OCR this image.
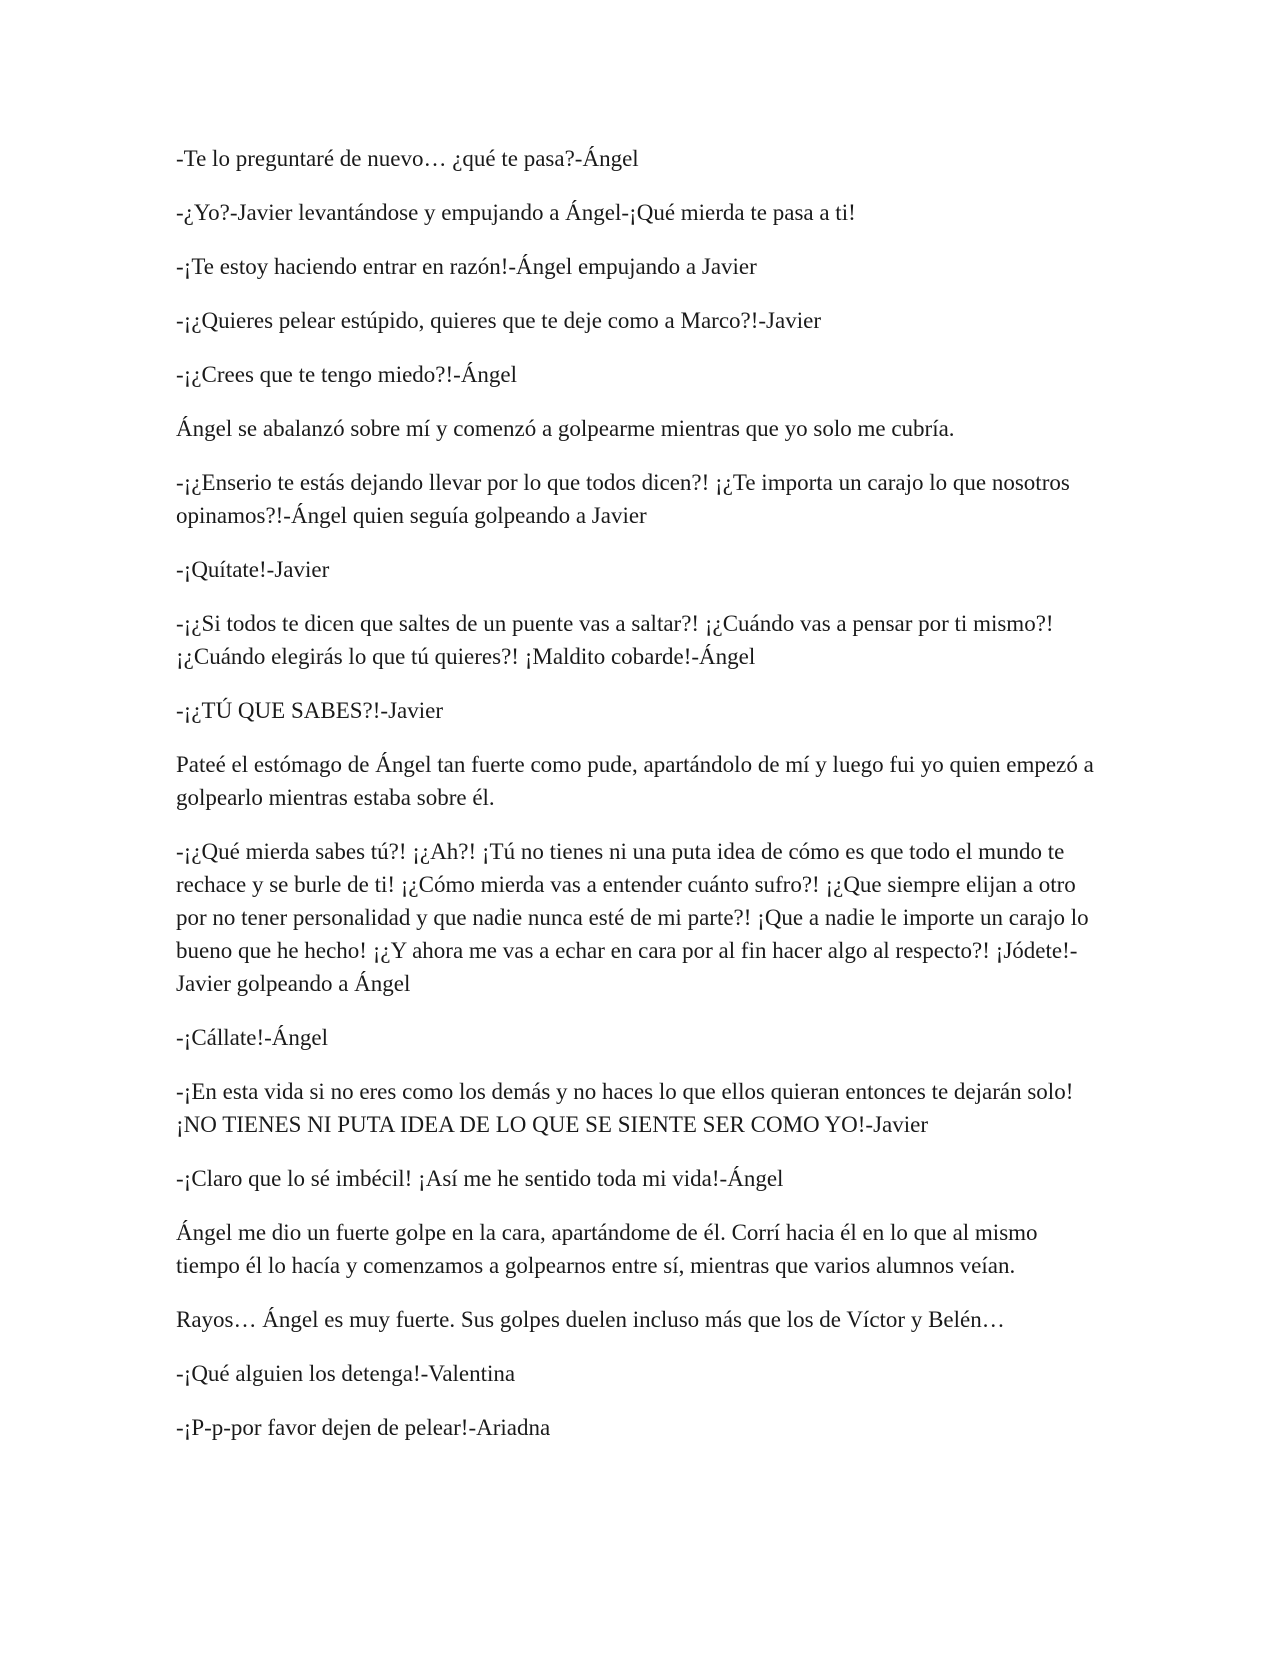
-Te lo preguntaré de nuevo… ¿qué te pasa?-Ángel

-¿Yo?-Javier levantándose y empujando a Ángel-¡Qué mierda te pasa a ti!

-¡Te estoy haciendo entrar en razón!-Ángel empujando a Javier

-¡¿Quieres pelear estúpido, quieres que te deje como a Marco?!-Javier

-¡¿Crees que te tengo miedo?!-Ángel

Ángel se abalanzó sobre mí y comenzó a golpearme mientras que yo solo me cubría.

-¡¿Enserio te estás dejando llevar por lo que todos dicen?! ¡¿Te importa un carajo lo que nosotros opinamos?!-Ángel quien seguía golpeando a Javier

-¡Quítate!-Javier

-¡¿Si todos te dicen que saltes de un puente vas a saltar?! ¡¿Cuándo vas a pensar por ti mismo?! ¡¿Cuándo elegirás lo que tú quieres?! ¡Maldito cobarde!-Ángel

-¡¿TÚ QUE SABES?!-Javier

Pateé el estómago de Ángel tan fuerte como pude, apartándolo de mí y luego fui yo quien empezó a golpearlo mientras estaba sobre él.

-¡¿Qué mierda sabes tú?! ¡¿Ah?! ¡Tú no tienes ni una puta idea de cómo es que todo el mundo te rechace y se burle de ti! ¡¿Cómo mierda vas a entender cuánto sufro?! ¡¿Que siempre elijan a otro por no tener personalidad y que nadie nunca esté de mi parte?! ¡Que a nadie le importe un carajo lo bueno que he hecho! ¡¿Y ahora me vas a echar en cara por al fin hacer algo al respecto?! ¡Jódete!-Javier golpeando a Ángel

-¡Cállate!-Ángel

-¡En esta vida si no eres como los demás y no haces lo que ellos quieran entonces te dejarán solo! ¡NO TIENES NI PUTA IDEA DE LO QUE SE SIENTE SER COMO YO!-Javier

-¡Claro que lo sé imbécil! ¡Así me he sentido toda mi vida!-Ángel

Ángel me dio un fuerte golpe en la cara, apartándome de él. Corrí hacia él en lo que al mismo tiempo él lo hacía y comenzamos a golpearnos entre sí, mientras que varios alumnos veían.

Rayos… Ángel es muy fuerte. Sus golpes duelen incluso más que los de Víctor y Belén…

-¡Qué alguien los detenga!-Valentina

-¡P-p-por favor dejen de pelear!-Ariadna
